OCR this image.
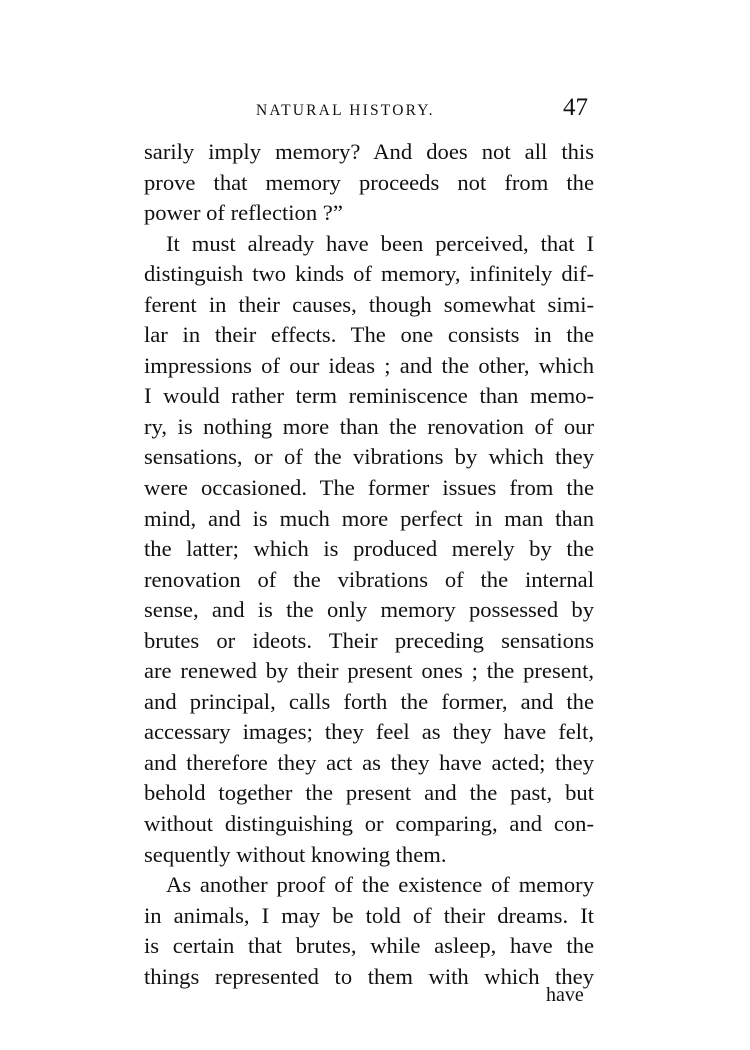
NATURAL HISTORY.	47
sarily imply memory? And does not all this
prove that memory proceeds not from the
power of reflection ?”
It must already have been perceived, that I
distinguish two kinds of memory, infinitely dif-
ferent in their causes, though somewhat simi-
lar in their effects. The one consists in the
impressions of our ideas ; and the other, which
I would rather term reminiscence than memo-
ry, is nothing more than the renovation of our
sensations, or of the vibrations by which they
were occasioned. The former issues from the
mind, and is much more perfect in man than
the latter; which is produced merely by the
renovation of the vibrations of the internal
sense, and is the only memory possessed by
brutes or ideots. Their preceding sensations
are renewed by their present ones ; the present,
and principal, calls forth the former, and the
accessary images; they feel as they have felt,
and therefore they act as they have acted; they
behold together the present and the past, but
without distinguishing or comparing, and con-
sequently without knowing them.
As another proof of the existence of memory
in animals, I may be told of their dreams. It
is certain that brutes, while asleep, have the
things represented to them with which they
have
